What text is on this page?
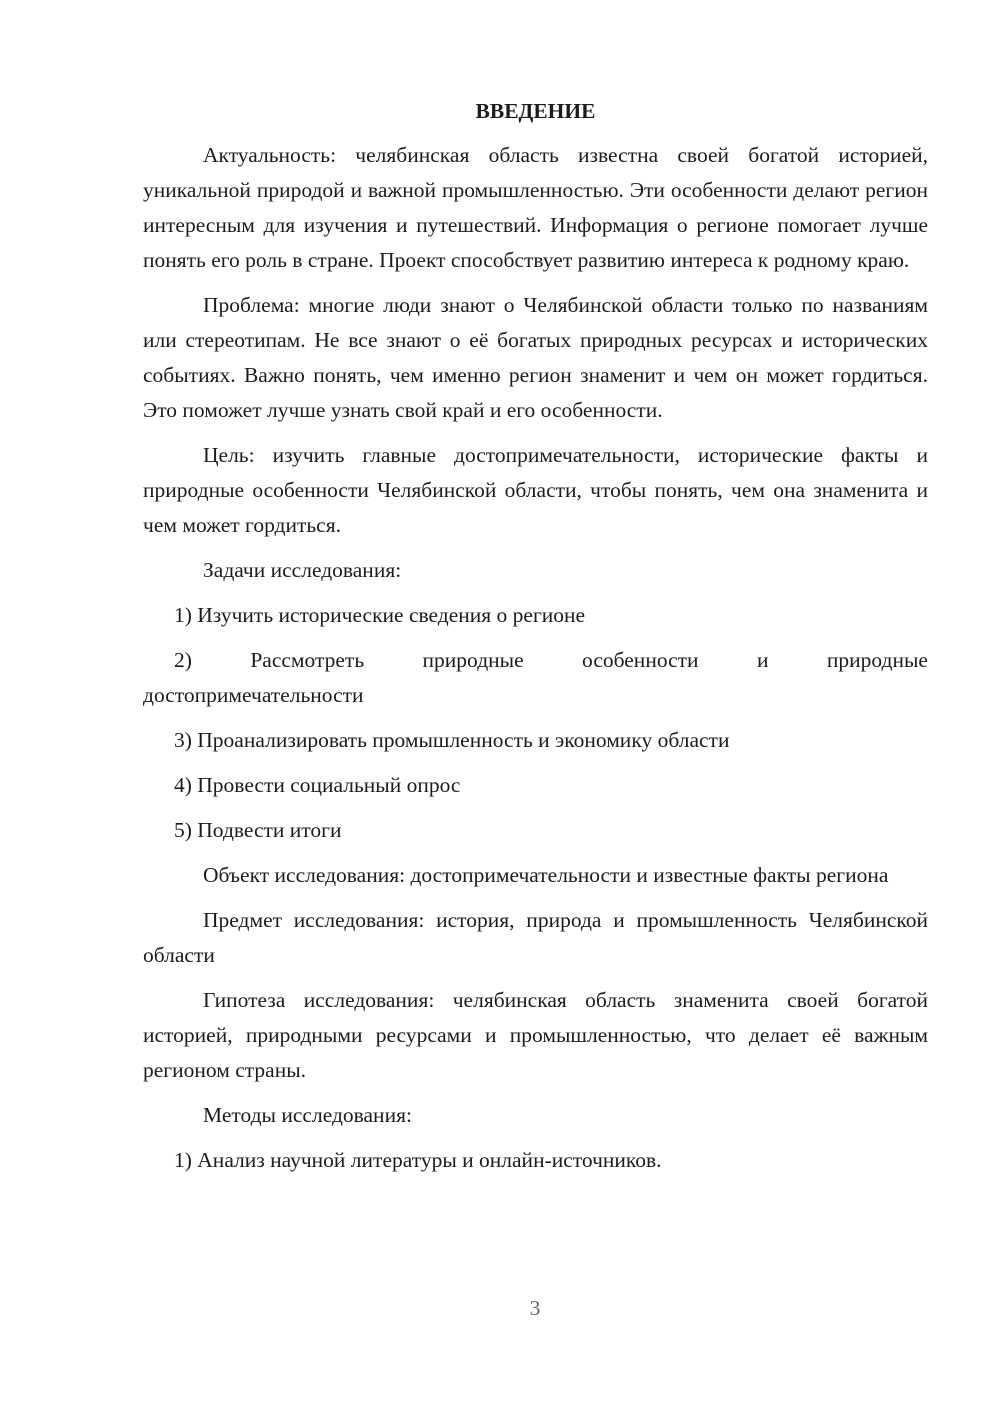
ВВЕДЕНИЕ

Актуальность: челябинская область известна своей богатой историей, уникальной природой и важной промышленностью. Эти особенности делают регион интересным для изучения и путешествий. Информация о регионе помогает лучше понять его роль в стране. Проект способствует развитию интереса к родному краю.

Проблема: многие люди знают о Челябинской области только по названиям или стереотипам. Не все знают о её богатых природных ресурсах и исторических событиях. Важно понять, чем именно регион знаменит и чем он может гордиться. Это поможет лучше узнать свой край и его особенности.

Цель: изучить главные достопримечательности, исторические факты и природные особенности Челябинской области, чтобы понять, чем она знаменита и чем может гордиться.

Задачи исследования:

1) Изучить исторические сведения о регионе

2)	Рассмотреть	природные	особенности	и	природные
достопримечательности

3) Проанализировать промышленность и экономику области

4) Провести социальный опрос

5) Подвести итоги

Объект исследования: достопримечательности и известные факты региона

Предмет исследования: история, природа и промышленность Челябинской области

Гипотеза исследования: челябинская область знаменита своей богатой историей, природными ресурсами и промышленностью, что делает её важным регионом страны.

Методы исследования:

1) Анализ научной литературы и онлайн-источников.

3
